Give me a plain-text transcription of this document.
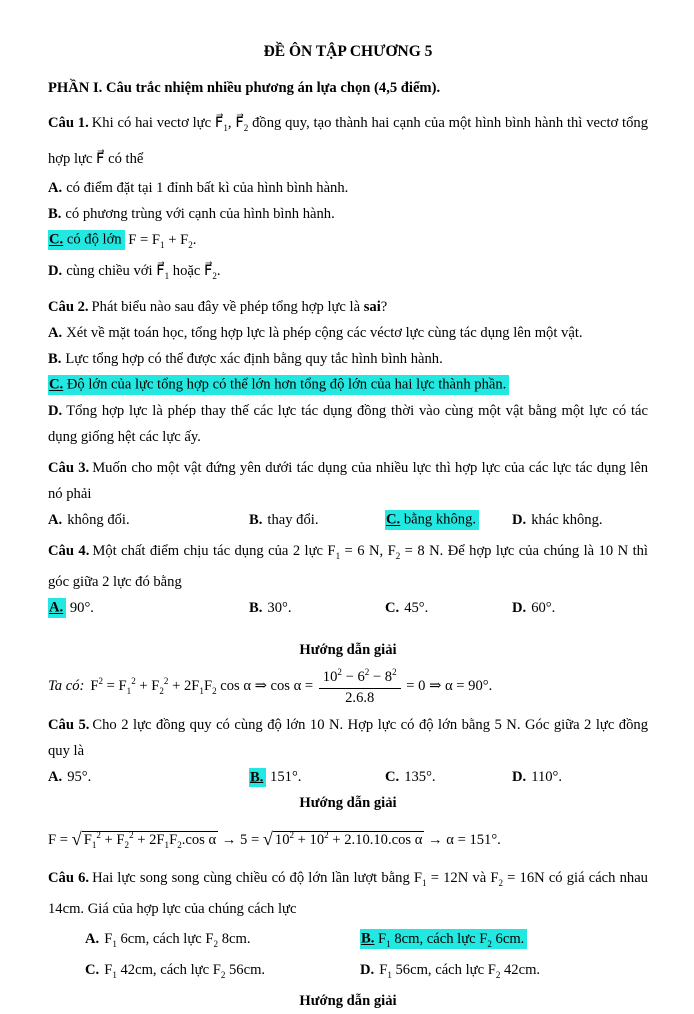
ĐỀ ÔN TẬP CHƯƠNG 5
PHẦN I. Câu trắc nhiệm nhiều phương án lựa chọn (4,5 điểm).
Câu 1. Khi có hai vectơ lực $F⃗_1$, $F⃗_2$ đồng quy, tạo thành hai cạnh của một hình bình hành thì vectơ tổng hợp lực F⃗ có thể
A. có điểm đặt tại 1 đỉnh bất kì của hình bình hành.
B. có phương trùng với cạnh của hình bình hành.
C. có độ lớn $F = F_1 + F_2$.
D. cùng chiều với $F⃗_1$ hoặc $F⃗_2$.
Câu 2. Phát biểu nào sau đây về phép tổng hợp lực là sai?
A. Xét về mặt toán học, tổng hợp lực là phép cộng các véctơ lực cùng tác dụng lên một vật.
B. Lực tổng hợp có thể được xác định bằng quy tắc hình bình hành.
C. Độ lớn của lực tổng hợp có thể lớn hơn tổng độ lớn của hai lực thành phần.
D. Tổng hợp lực là phép thay thế các lực tác dụng đồng thời vào cùng một vật bằng một lực có tác dụng giống hệt các lực ấy.
Câu 3. Muốn cho một vật đứng yên dưới tác dụng của nhiều lực thì hợp lực của các lực tác dụng lên nó phải
A. không đổi.	B. thay đổi.	C. bằng không.	D. khác không.
Câu 4. Một chất điểm chịu tác dụng của 2 lực $F_1 = 6$ N, $F_2 = 8$ N. Để hợp lực của chúng là 10 N thì góc giữa 2 lực đó bằng
A. 90°.	B. 30°.	C. 45°.	D. 60°.
Hướng dẫn giải
Ta có: $F^2 = F_1^2 + F_2^2 + 2F_1F_2$ cos α ⇒ $\cos \alpha = \frac{10^2 - 6^2 - 8^2}{2.6.8} = 0$ ⇒ α = 90°.
Câu 5. Cho 2 lực đồng quy có cùng độ lớn 10 N. Hợp lực có độ lớn bằng 5 N. Góc giữa 2 lực đồng quy là
A. 95°.	B. 151°.	C. 135°.	D. 110°.
Hướng dẫn giải
F = √ $F_1^2 + F_2^2 + 2F_1F_2.\cos$ α → 5 = √ $10^2 + 10^2 + 2.10.10.\cos$ α → α = 151°.
Câu 6. Hai lực song song cùng chiều có độ lớn lần lượt bằng $F_1 = 12N$ và $F_2 = 16N$ có giá cách nhau 14cm. Giá của hợp lực của chúng cách lực
A. $F_1$ 6cm, cách lực $F_2$ 8cm.	B. $F_1$ 8cm, cách lực $F_2$ 6cm.
C. $F_1$ 42cm, cách lực $F_2$ 56cm.	D. $F_1$ 56cm, cách lực $F_2$ 42cm.
Hướng dẫn giải
